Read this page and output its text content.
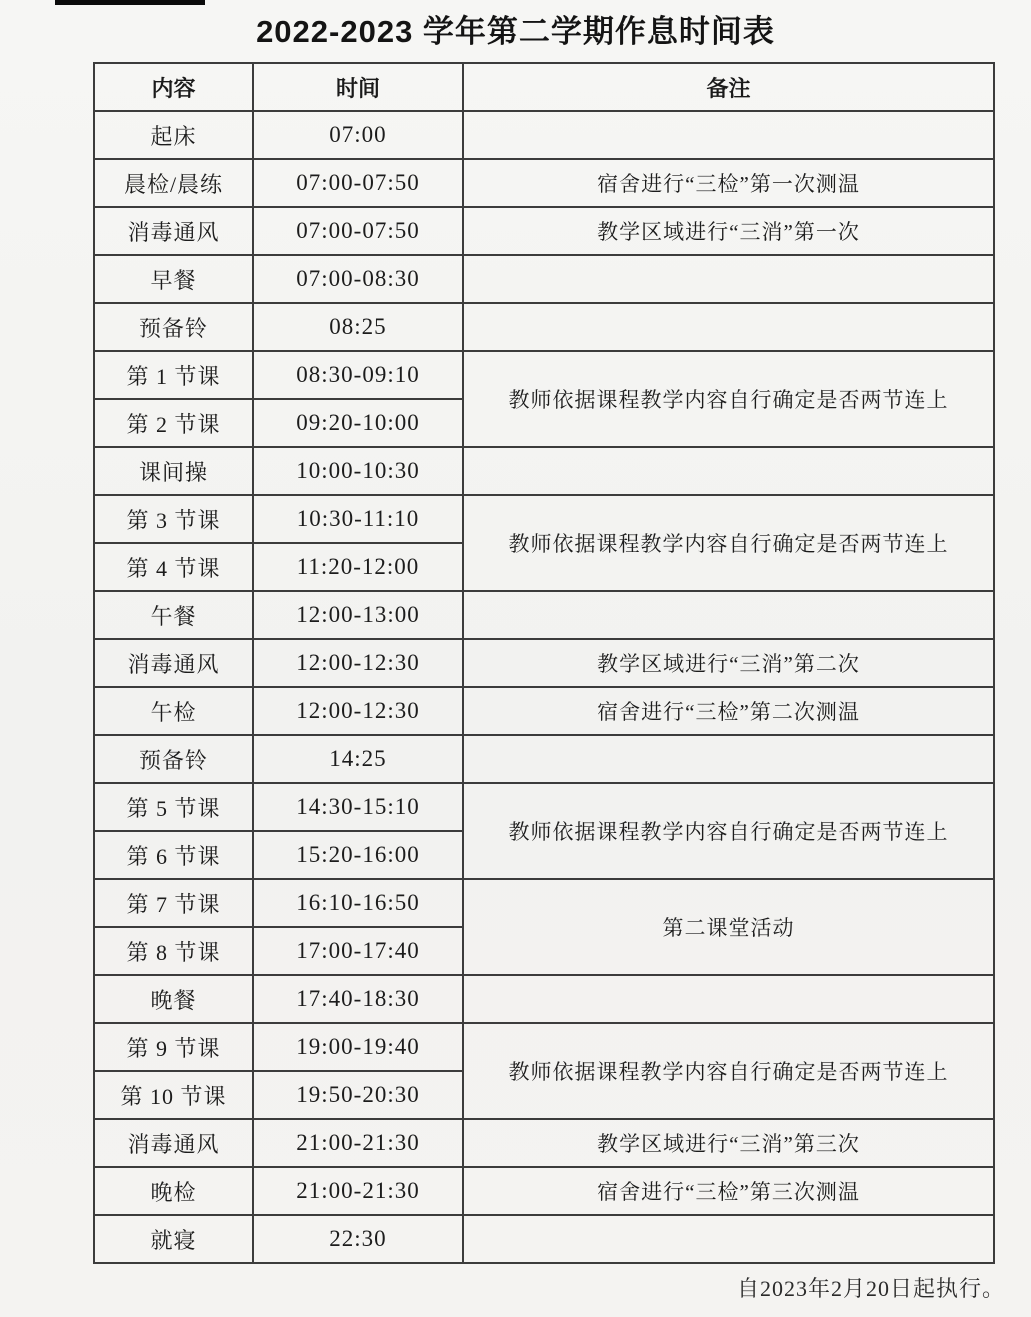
2022-2023 学年第二学期作息时间表
内容	时间	备注
起床	07:00	
晨检/晨练	07:00-07:50	宿舍进行“三检”第一次测温
消毒通风	07:00-07:50	教学区域进行“三消”第一次
早餐	07:00-08:30	
预备铃	08:25	
第 1 节课	08:30-09:10	教师依据课程教学内容自行确定是否两节连上
第 2 节课	09:20-10:00	
课间操	10:00-10:30	
第 3 节课	10:30-11:10	教师依据课程教学内容自行确定是否两节连上
第 4 节课	11:20-12:00	
午餐	12:00-13:00	
消毒通风	12:00-12:30	教学区域进行“三消”第二次
午检	12:00-12:30	宿舍进行“三检”第二次测温
预备铃	14:25	
第 5 节课	14:30-15:10	教师依据课程教学内容自行确定是否两节连上
第 6 节课	15:20-16:00	
第 7 节课	16:10-16:50	第二课堂活动
第 8 节课	17:00-17:40	
晚餐	17:40-18:30	
第 9 节课	19:00-19:40	教师依据课程教学内容自行确定是否两节连上
第 10 节课	19:50-20:30	
消毒通风	21:00-21:30	教学区域进行“三消”第三次
晚检	21:00-21:30	宿舍进行“三检”第三次测温
就寝	22:30	
自2023年2月20日起执行。
